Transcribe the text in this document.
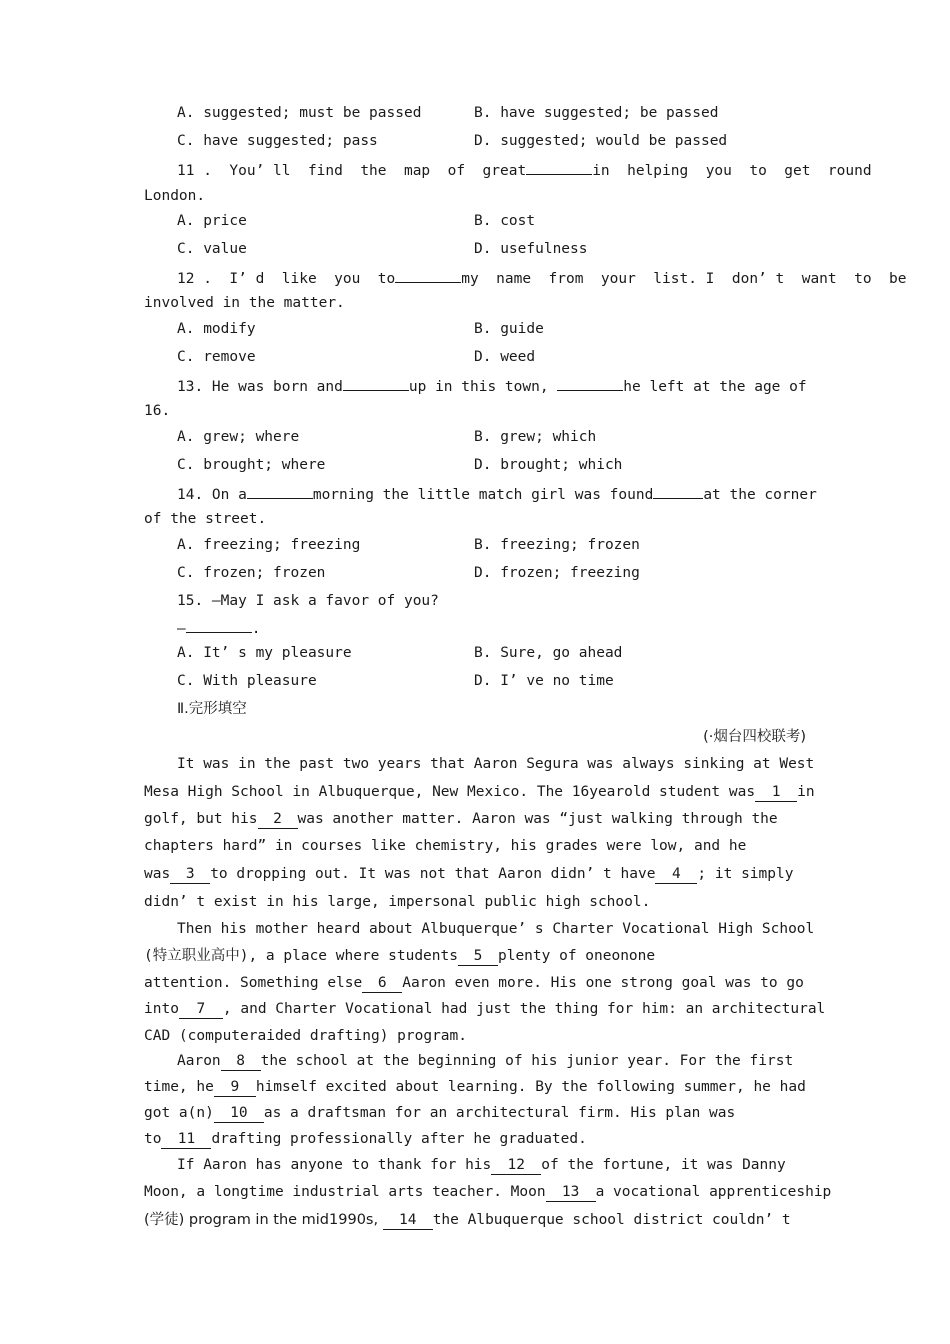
A. suggested; must be passed	B. have suggested; be passed
C. have suggested; pass	D. suggested; would be passed
11 .  You’ ll  find  the  map  of  great	in  helping  you  to  get  round
London.
A. price	B. cost
C. value	D. usefulness
12 .  I’ d  like  you  to	my  name  from  your  list. I  don’ t  want  to  be
involved in the matter.
A. modify	B. guide
C. remove	D. weed
13. He was born and	up in this town,	he left at the age of
16.
A. grew; where	B. grew; which
C. brought; where	D. brought; which
14. On a	morning the little match girl was found	at the corner
of the street.
A. freezing; freezing	B. freezing; frozen
C. frozen; frozen	D. frozen; freezing
15. —May I ask a favor of you?
—	.
A. It’ s my pleasure	B. Sure, go ahead
C. With pleasure	D. I’ ve no time
Ⅱ.完形填空
(·烟台四校联考)
It was in the past two years that Aaron Segura was always sinking at West
Mesa High School in Albuquerque, New Mexico. The 16yearold student was 1 in
golf, but his 2 was another matter. Aaron was “just walking through the
chapters hard” in courses like chemistry, his grades were low, and he
was 3 to dropping out. It was not that Aaron didn’ t have 4 ; it simply
didn’ t exist in his large, impersonal public high school.
Then his mother heard about Albuquerque’ s Charter Vocational High School
(特立职业高中), a place where students 5 plenty of oneonone
attention. Something else 6 Aaron even more. His one strong goal was to go
into 7 , and Charter Vocational had just the thing for him: an architectural
CAD (computeraided drafting) program.
Aaron 8 the school at the beginning of his junior year. For the first
time, he 9 himself excited about learning. By the following summer, he had
got a(n) 10 as a draftsman for an architectural firm. His plan was
to 11 drafting professionally after he graduated.
If Aaron has anyone to thank for his 12 of the fortune, it was Danny
Moon, a longtime industrial arts teacher. Moon 13 a vocational apprenticeship
(学徒) program in the mid1990s, 14 the Albuquerque school district couldn’ t
